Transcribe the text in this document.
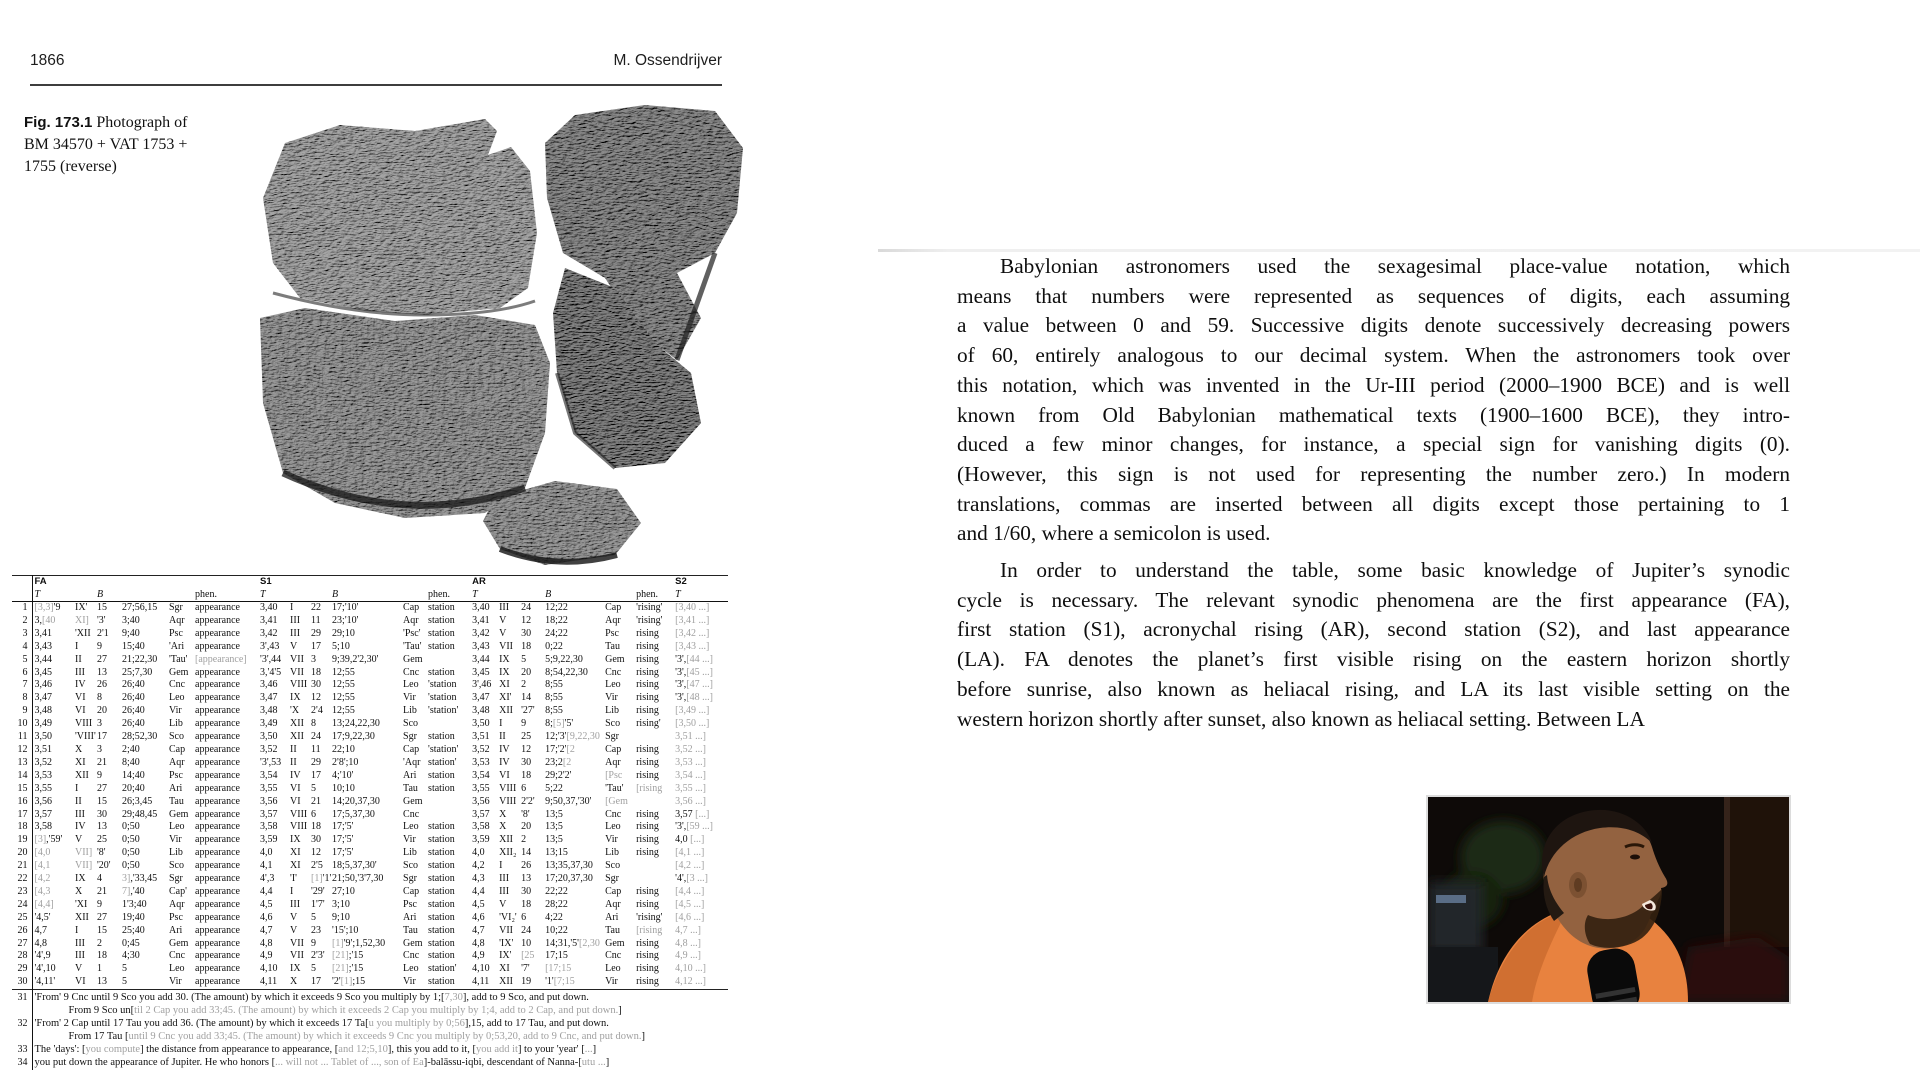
1866	M. Ossendrijver
Fig. 173.1 Photograph of
BM 34570 + VAT 1753 +
1755 (reverse)
	FA						S1						AR						S2
	T		B			phen.	T			B		phen.	T			B		phen.	T
1	[3,3]'9	IX'	15	27;56,15	Sgr	appearance	3,40	I	22	17;'10'	Cap	station	3,40	III	24	12;22	Cap	'rising'	[3,40 ...]
2	3,[40	XI]	'3'	3;40	Aqr	appearance	3,41	III	11	23;'10'	Aqr	station	3,41	V	12	18;22	Aqr	'rising'	[3,41 ...]
3	3,41	'XII	2'1	9;40	Psc	appearance	3,42	III	29	29;10	'Psc'	station	3,42	V	30	24;22	Psc	rising	[3,42 ...]
4	3,43	I	9	15;40	'Ari	appearance	3',43	V	17	5;10	'Tau'	station	3,43	VII	18	0;22	Tau	rising	[3,43 ...]
5	3,44	II	27	21;22,30	'Tau'	[appearance]	'3',44	VII	3	9;39,2'2,30'	Gem		3,44	IX	5	5;9,22,30	Gem	rising	'3',[44 ...]
6	3,45	III	13	25;7,30	Gem	appearance	3,'4'5	VII	18	12;55	Cnc	station	3,45	IX	20	8;54,22,30	Cnc	rising	'3',[45 ...]
7	3,46	IV	26	26;40	Cnc	appearance	3,46	VIII	30	12;55	Leo	'station	3',46	XI	2	8;55	Leo	rising	'3',[47 ...]
8	3,47	VI	8	26;40	Leo	appearance	3,47	IX	12	12;55	Vir	'station	3,47	XI'	14	8;55	Vir	rising	'3',[48 ...]
9	3,48	VI	20	26;40	Vir	appearance	3,48	'X	2'4	12;55	Lib	'station'	3,48	XII	'27'	8;55	Lib	rising	[3,49 ...]
10	3,49	VIII	3	26;40	Lib	appearance	3,49	XII	8	13;24,22,30	Sco		3,50	I	9	8;[5]'5'	Sco	rising'	[3,50 ...]
11	3,50	'VIII'	17	28;52,30	Sco	appearance	3,50	XII	24	17;9,22,30	Sgr	station	3,51	II	25	12;'3'[9,22,30	Sgr		3,51 ...]
12	3,51	X	3	2;40	Cap	appearance	3,52	II	11	22;10	Cap	'station'	3,52	IV	12	17;'2'[2	Cap	rising	3,52 ...]
13	3,52	XI	21	8;40	Aqr	appearance	'3',53	II	29	2'8';10	'Aqr	station'	3,53	IV	30	23;2[2	Aqr	rising	3,53 ...]
14	3,53	XII	9	14;40	Psc	appearance	3,54	IV	17	4;'10'	Ari	station	3,54	VI	18	29;2'2'	[Psc	rising	3,54 ...]
15	3,55	I	27	20;40	Ari	appearance	3,55	VI	5	10;10	Tau	station	3,55	VIII	6	5;22	'Tau'	[rising	3,55 ...]
16	3,56	II	15	26;3,45	Tau	appearance	3,56	VI	21	14;20,37,30	Gem		3,56	VIII	2'2'	9;50,37,'30'	[Gem		3,56 ...]
17	3,57	III	30	29;48,45	Gem	appearance	3,57	VIII	6	17;5,37,30	Cnc		3,57	X	'8'	13;5	Cnc	rising	3,57 [...]
18	3,58	IV	13	0;50	Leo	appearance	3,58	VIII	18	17;'5'	Leo	station	3,58	X	20	13;5	Leo	rising	'3',[59 ...]
19	[3],'59'	V	25	0;50	Vir	appearance	3,59	IX	30	17;'5'	Vir	station	3,59	XII	2	13;5	Vir	rising	4,0 [...]
20	[4,0	VII]	'8'	0;50	Lib	appearance	4,0	XI	12	17;'5'	Lib	station	4,0	XII₂	14	13;15	Lib	rising	[4,1 ...]
21	[4,1	VII]	'20'	0;50	Sco	appearance	4,1	XI	2'5	18;5,37,30'	Sco	station	4,2	I	26	13;35,37,30	Sco		[4,2 ...]
22	[4,2	IX	4	3],'33,45	Sgr	appearance	4',3	'I'	[1]'1'	21;50,'3'7,30	Sgr	station	4,3	III	13	17;20,37,30	Sgr		'4',[3 ...]
23	[4,3	X	21	7],'40	Cap'	appearance	4,4	I	'29'	27;10	Cap	station	4,4	III	30	22;22	Cap	rising	[4,4 ...]
24	[4,4]	'XI	9	1'3;40	Aqr	appearance	4,5	III	1'7'	3;10	Psc	station	4,5	V	18	28;22	Aqr	rising	[4,5 ...]
25	'4,5'	XII	27	19;40	Psc	appearance	4,6	V	5	9;10	Ari	station	4,6	'VI₂'	6	4;22	Ari	'rising'	[4,6 ...]
26	4,7	I	15	25;40	Ari	appearance	4,7	V	23	'15';10	Tau	station	4,7	VII	24	10;22	Tau	[rising	4,7 ...]
27	4,8	III	2	0;45	Gem	appearance	4,8	VII	9	[1]'9';1,52,30	Gem	station	4,8	'IX'	10	14;31,'5'[2,30	Gem	rising	4,8 ...]
28	'4',9	III	18	4;30	Cnc	appearance	4,9	VII	2'3'	[21];'15	Cnc	station	4,9	IX'	[25	17;15	Cnc	rising	4,9 ...]
29	'4',10	V	1	5	Leo	appearance	4,10	IX	5	[21];'15	Leo	station'	4,10	XI	'7'	[17;15	Leo	rising	4,10 ...]
30	'4,11'	VI	13	5	Vir	appearance	4,11	X	17	'2'[1];15	Vir	station	4,11	XII	19	'1'[7;15	Vir	rising	4,12 ...]
31	'From' 9 Cnc until 9 Sco you add 30. (The amount) by which it exceeds 9 Sco you multiply by 1;[7,30], add to 9 Sco, and put down.																		
	From 9 Sco un[til 2 Cap you add 33;45. (The amount) by which it exceeds 2 Cap you multiply by 1;4, add to 2 Cap, and put down.]																		
32	'From' 2 Cap until 17 Tau you add 36. (The amount) by which it exceeds 17 Ta[u you multiply by 0;56],15, add to 17 Tau, and put down.																		
	From 17 Tau [until 9 Cnc you add 33;45. (The amount) by which it exceeds 9 Cnc you multiply by 0;53,20, add to 9 Cnc, and put down.]																		
33	The 'days': [you compute] the distance from appearance to appearance, [and 12;5,10], this you add to it, [you add it] to your 'year' [...]																		
34	you put down the appearance of Jupiter. He who honors [... will not ... Tablet of ..., son of Ea]-balāssu-iqbi, descendant of Nanna-[utu ...]																		
Babylonian astronomers used the sexagesimal place-value notation, which
means that numbers were represented as sequences of digits, each assuming
a value between 0 and 59. Successive digits denote successively decreasing powers
of 60, entirely analogous to our decimal system. When the astronomers took over
this notation, which was invented in the Ur-III period (2000–1900 BCE) and is well
known from Old Babylonian mathematical texts (1900–1600 BCE), they intro-
duced a few minor changes, for instance, a special sign for vanishing digits (0).
(However, this sign is not used for representing the number zero.) In modern
translations, commas are inserted between all digits except those pertaining to 1
and 1/60, where a semicolon is used.
In order to understand the table, some basic knowledge of Jupiter’s synodic
cycle is necessary. The relevant synodic phenomena are the first appearance (FA),
first station (S1), acronychal rising (AR), second station (S2), and last appearance
(LA). FA denotes the planet’s first visible rising on the eastern horizon shortly
before sunrise, also known as heliacal rising, and LA its last visible setting on the
western horizon shortly after sunset, also known as heliacal setting. Between LA
